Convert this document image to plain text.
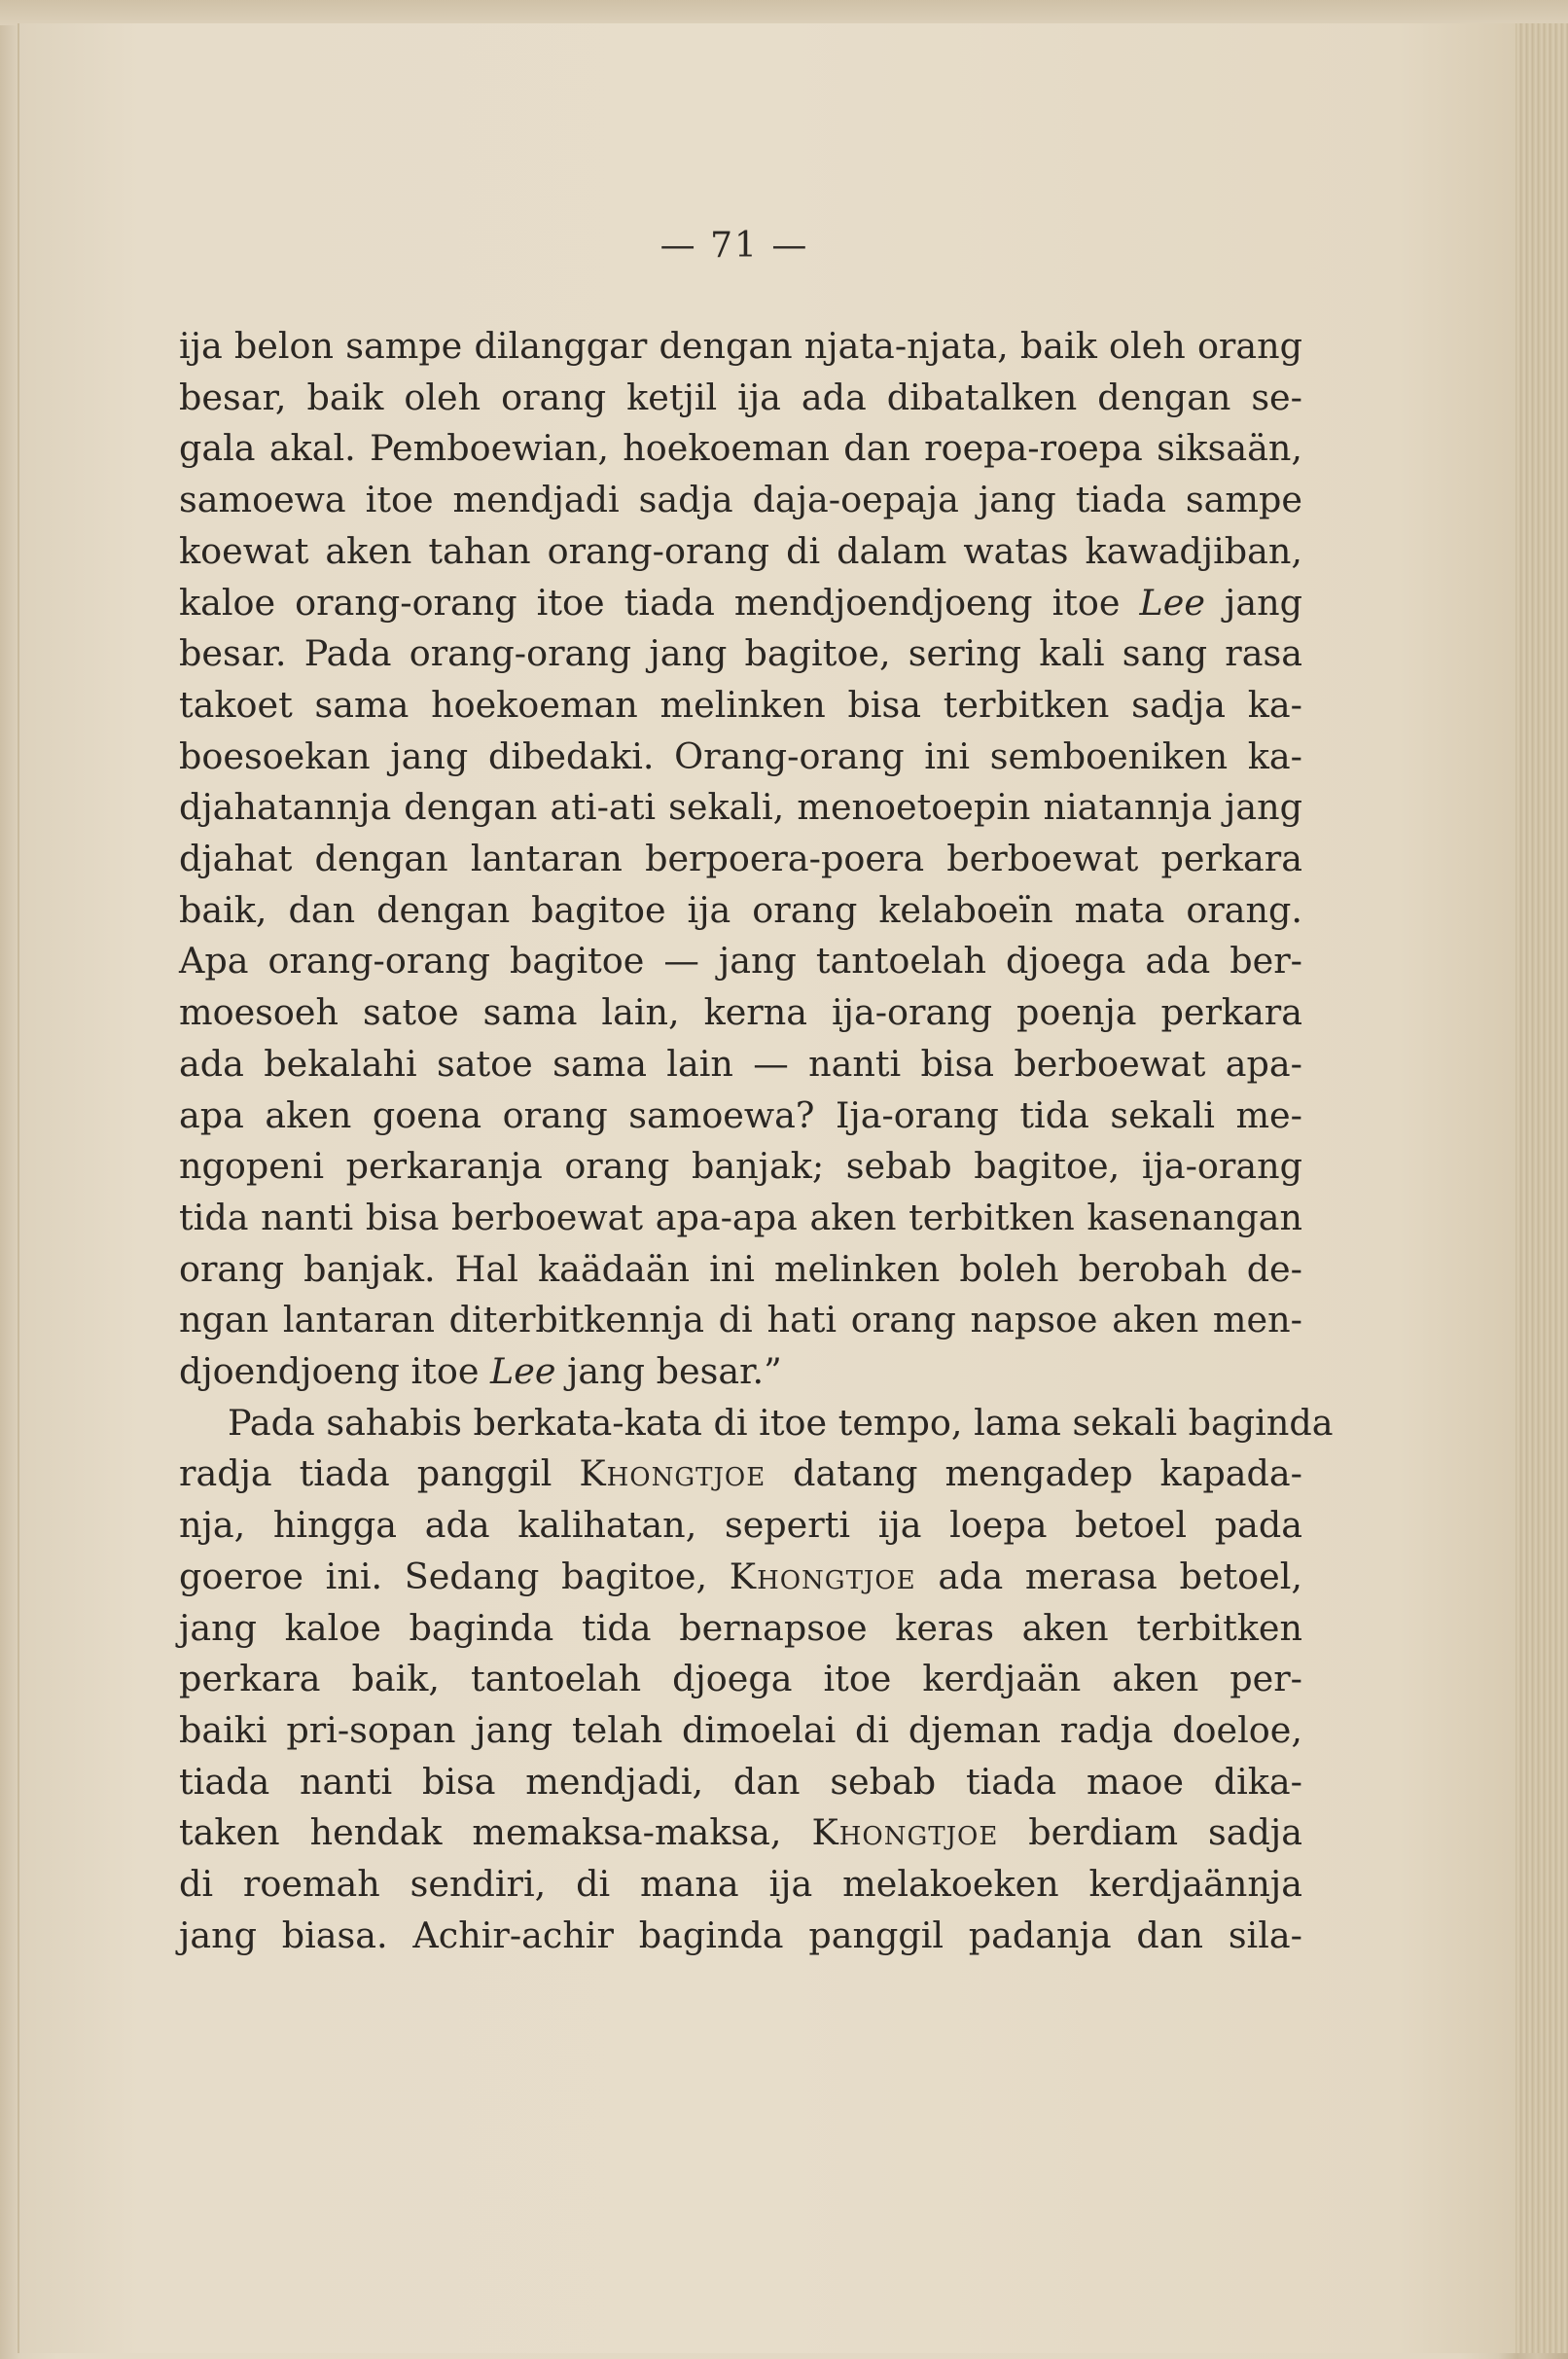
— 71 —

ija belon sampe dilanggar dengan njata-njata, baik oleh orang
besar, baik oleh orang ketjil ija ada dibatalken dengan se-
gala akal. Pemboewian, hoekoeman dan roepa-roepa siksaän,
samoewa itoe mendjadi sadja daja-oepaja jang tiada sampe
koewat aken tahan orang-orang di dalam watas kawadjiban,
kaloe orang-orang itoe tiada mendjoendjoeng itoe Lee jang
besar. Pada orang-orang jang bagitoe, sering kali sang rasa
takoet sama hoekoeman melinken bisa terbitken sadja ka-
boesoekan jang dibedaki. Orang-orang ini semboeniken ka-
djahatannja dengan ati-ati sekali, menoetoepin niatannja jang
djahat dengan lantaran berpoera-poera berboewat perkara
baik, dan dengan bagitoe ija orang kelaboeïn mata orang.
Apa orang-orang bagitoe — jang tantoelah djoega ada ber-
moesoeh satoe sama lain, kerna ija-orang poenja perkara
ada bekalahi satoe sama lain — nanti bisa berboewat apa-
apa aken goena orang samoewa? Ija-orang tida sekali me-
ngopeni perkaranja orang banjak; sebab bagitoe, ija-orang
tida nanti bisa berboewat apa-apa aken terbitken kasenangan
orang banjak. Hal kaädaän ini melinken boleh berobah de-
ngan lantaran diterbitkennja di hati orang napsoe aken men-
djoendjoeng itoe Lee jang besar.”
Pada sahabis berkata-kata di itoe tempo, lama sekali baginda
radja tiada panggil Khongtjoe datang mengadep kapada-
nja, hingga ada kalihatan, seperti ija loepa betoel pada
goeroe ini. Sedang bagitoe, Khongtjoe ada merasa betoel,
jang kaloe baginda tida bernapsoe keras aken terbitken
perkara baik, tantoelah djoega itoe kerdjaän aken per-
baiki pri-sopan jang telah dimoelai di djeman radja doeloe,
tiada nanti bisa mendjadi, dan sebab tiada maoe dika-
taken hendak memaksa-maksa, Khongtjoe berdiam sadja
di roemah sendiri, di mana ija melakoeken kerdjaännja
jang biasa. Achir-achir baginda panggil padanja dan sila-
